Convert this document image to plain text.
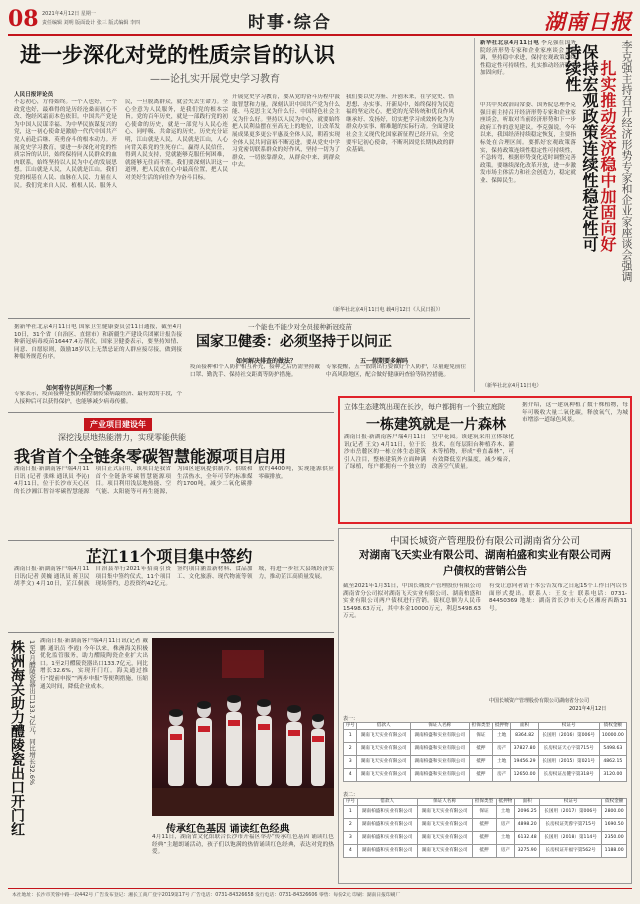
08 2021年4月12日 星期一
责任编辑 刘明 版面设计 张三 版式编辑 李四	时事·综合	湖南日报
进一步深化对党的性质宗旨的认识
——论扎实开展党史学习教育
人民日报评论员
不忘初心，方得始终。一个人也好，一个政党也好，最难得的是历经沧桑而初心不改、饱经风霜而本色依旧。中国共产党是为中国人民谋幸福、为中华民族谋复兴的党，这一初心使命是激励一代代中国共产党人前赴后继、英勇奋斗的根本动力。开展党史学习教育，要进一步深化对党的性质宗旨的认识，始终保持同人民群众的血肉联系，始终坚持以人民为中心的发展思想。江山就是人民，人民就是江山。我们党的根基在人民、血脉在人民、力量在人民。我们党来自人民、植根人民、服务人民，一旦脱离群众，就会失去生命力。全心全意为人民服务，是我们党的根本宗旨。党的百年历史，就是一部践行党的初心使命的历史，就是一部党与人民心连心、同呼吸、共命运的历史。历史充分证明，江山就是人民，人民就是江山，人心向背关系党的生死存亡。赢得人民信任，得到人民支持，党就能够克服任何困难，就能够无往而不胜。我们要深刻认识这一道理，把人民放在心中最高位置，把人民对美好生活的向往作为奋斗目标。
开展党史学习教育，要从党的奋斗历程中汲取智慧和力量，深刻认识中国共产党为什么能、马克思主义为什么行、中国特色社会主义为什么好。坚持以人民为中心，就要始终把人民利益摆在至高无上的地位，让改革发展成果更多更公平惠及全体人民，朝着实现全体人民共同富裕不断迈进。要从党史中学习党密切联系群众的好作风，坚持一切为了群众、一切依靠群众，从群众中来、到群众中去。
我们要以史为鉴、开创未来，在学党史、悟思想、办实事、开新局中，始终保持为民造福的坚定决心，把党的光荣传统和优良作风继承好、发扬好，切实把学习成效转化为为群众办实事、解难题的实际行动。全面建设社会主义现代化国家新征程已经开启，全党要牢记初心使命，不断巩固党长期执政的群众基础。
（新华社北京4月11日电 载4月12日《人民日报》）
新华社北京4月11日电 李克强在国务院经济形势专家和企业家座谈会上强调，坚持稳中求进，保持宏观政策连续性稳定性可持续性，扎实推动经济稳中加固向好。	保持宏观政策连续性稳定性可持续性	扎实推动经济稳中加固向好 李克强主持召开经济形势专家和企业家座谈会强调
中共中央政治局常委、国务院总理李克强日前主持召开经济形势专家和企业家座谈会，听取对当前经济形势和下一步政府工作的意见建议。李克强说，今年以来，我国经济持续稳定恢复，主要指标处在合理区间。要抓好宏观政策落实，保持政策连续性稳定性可持续性，不急转弯，根据形势变化适时调整完善政策。要继续深化改革开放，进一步激发市场主体活力和社会创造力，稳定就业、保障民生。
（新华社北京4月11日电）
据新华社北京4月11日电 国家卫生健康委员会11日通报，截至4月10日，31个省（自治区、直辖市）和新疆生产建设兵团累计报告接种新冠病毒疫苗16447.4万剂次。国家卫健委表示，要坚持知情、同意、自愿原则，鼓励18岁以上无禁忌证的人群应接尽接，做到接种服务规范有序。
一个能也不能少对全员接种新冠疫苗
国家卫健委：必须坚持于以问正
如何看待以问正和一个都
如何解决排查的做法？
疫苗接种和个人防护相互补充，接种之后仍需坚持戴口罩、勤洗手、保持社交距离等防护措施。
五一假期要多解吗
专家提醒，五一假期出行要做好个人防护，尽量避免前往中高风险地区，配合做好健康码查验等防控措施。
专家表示，疫苗接种是预防和控制传染病最经济、最有效的手段，个人接种后可以获得保护，也能够减少病毒传播。
产业项目建设年
深挖浅层地热能潜力，实现零能供能
我省首个全链条零碳智慧能源项目启用
湖南日报·新湖南客户端4月11日讯 (记者 张咪 通讯员 李沁) 4月11日，位于长沙市天心区的长沙湘江智谷零碳智慧能源项目正式启用，该项目是我省首个全链条零碳智慧能源项目。项目利用浅层地热能、空气能、太阳能等可再生能源，为园区建筑提供制冷、供暖和生活热水，全年可节约标准煤约1700吨，减少二氧化碳排放约4400吨，实现能源供应零碳排放。
立体生态建筑出现在长沙，每户都拥有一个独立庭院
一栋建筑就是一片森林
湖南日报·新湖南客户端4月11日讯(记者 王文) 4月11日，位于长沙市岳麓区的一栋立体生态建筑引人注目，整栋建筑外立面种满了绿植，每户都拥有一个独立的空中花园。该建筑采用立体绿化技术，在每层阳台种植乔木、灌木等植物，形成“垂直森林”，可有效降低室内温度，减少噪音，改善空气质量。
据介绍，这一建筑种植了数千株植物，每年可吸收大量二氧化碳，释放氧气，为城市增添一道绿色风景。
芷江11个项目集中签约
湖南日报·新湖南客户端4月11日讯(记者 黄巍 通讯员 蒋卫民 胡孝文) 4月10日，芷江侗族自治县举行2021年招商引资项目集中签约仪式，11个项目现场签约，总投资约42亿元。签约项目涵盖新材料、食品加工、文化旅游、现代物流等领域，将进一步壮大县域经济实力，推动芷江高质量发展。
株洲海关助力醴陵瓷出口开门红 1至2月醴陵瓷器出口133.7亿元，同比增长32.6% 湖南日报·新湖南客户端4月11日讯(记者 戴鹏 通讯员 李霞) 今年以来，株洲海关积极优化监管服务，助力醴陵陶瓷企业扩大出口。1至2月醴陵瓷器出口133.7亿元，同比增长32.6%，实现开门红。海关通过推行“提前申报”“两步申报”等便利措施，压缩通关时间，降低企业成本。
传承红色基因 诵读红色经典
4月11日，湖南省文化馆联合长沙市开福区举办“传承红色基因 诵读红色经典”主题朗诵活动，孩子们以饱满的热情诵读红色经典，表达对党的热爱。
中国长城资产管理股份有限公司湖南省分公司
对湖南飞天实业有限公司、湖南柏盛和实业有限公司两户债权的营销公告
截至2021年1月31日，中国长城资产管理股份有限公司湖南省分公司拟对湖南飞天实业有限公司、湖南柏盛和实业有限公司两户债权进行营销。债权总额为人民币15498.63万元，其中本金10000万元，利息5498.63万元。
有受让意向者请于本公告发布之日起15个工作日内以书面形式提出。联系人：王女士 联系电话：0731-84450369 地址：湖南省长沙市天心区湘府西路31号。
中国长城资产管理股份有限公司湖南省分公司
2021年4月12日
表一：
序号	借款人	保证人名称	担保类型	抵押物	面积	权证号	债权金额
1	湖南飞天实业有限公司	湖南柏盛和实业有限公司	保证	土地	8364.82	长国用（2016）第006号	10000.00
2	湖南飞天实业有限公司	湖南柏盛和实业有限公司	抵押	房产	37827.80	长房权证天心字第715号	5498.63
3	湖南飞天实业有限公司	湖南柏盛和实业有限公司	抵押	土地	19456.29	长国用（2015）第021号	4862.15
4	湖南飞天实业有限公司	湖南柏盛和实业有限公司	抵押	房产	12650.00	长房权证岳麓字第318号	3120.00
表二：
序号	借款人	保证人名称	担保类型	抵押物	面积	权证号	债权金额
1	湖南柏盛和实业有限公司	湖南飞天实业有限公司	保证	土地	2096.25	长国用（2017）第006号	2800.00
2	湖南柏盛和实业有限公司	湖南飞天实业有限公司	抵押	房产	4898.20	长房权证芙蓉字第715号	1690.50
3	湖南柏盛和实业有限公司	湖南飞天实业有限公司	抵押	土地	6132.48	长国用（2018）第114号	2350.00
4	湖南柏盛和实业有限公司	湖南飞天实业有限公司	抵押	房产	3275.90	长房权证开福字第562号	1188.00
本社地址：长沙市芙蓉中路一段442号 广告发布登记：湘长工商广登字2019第17号 广告电话：0731-84326658 发行电话：0731-84326606 零售：每份2元 印刷：湖南日报印刷厂
